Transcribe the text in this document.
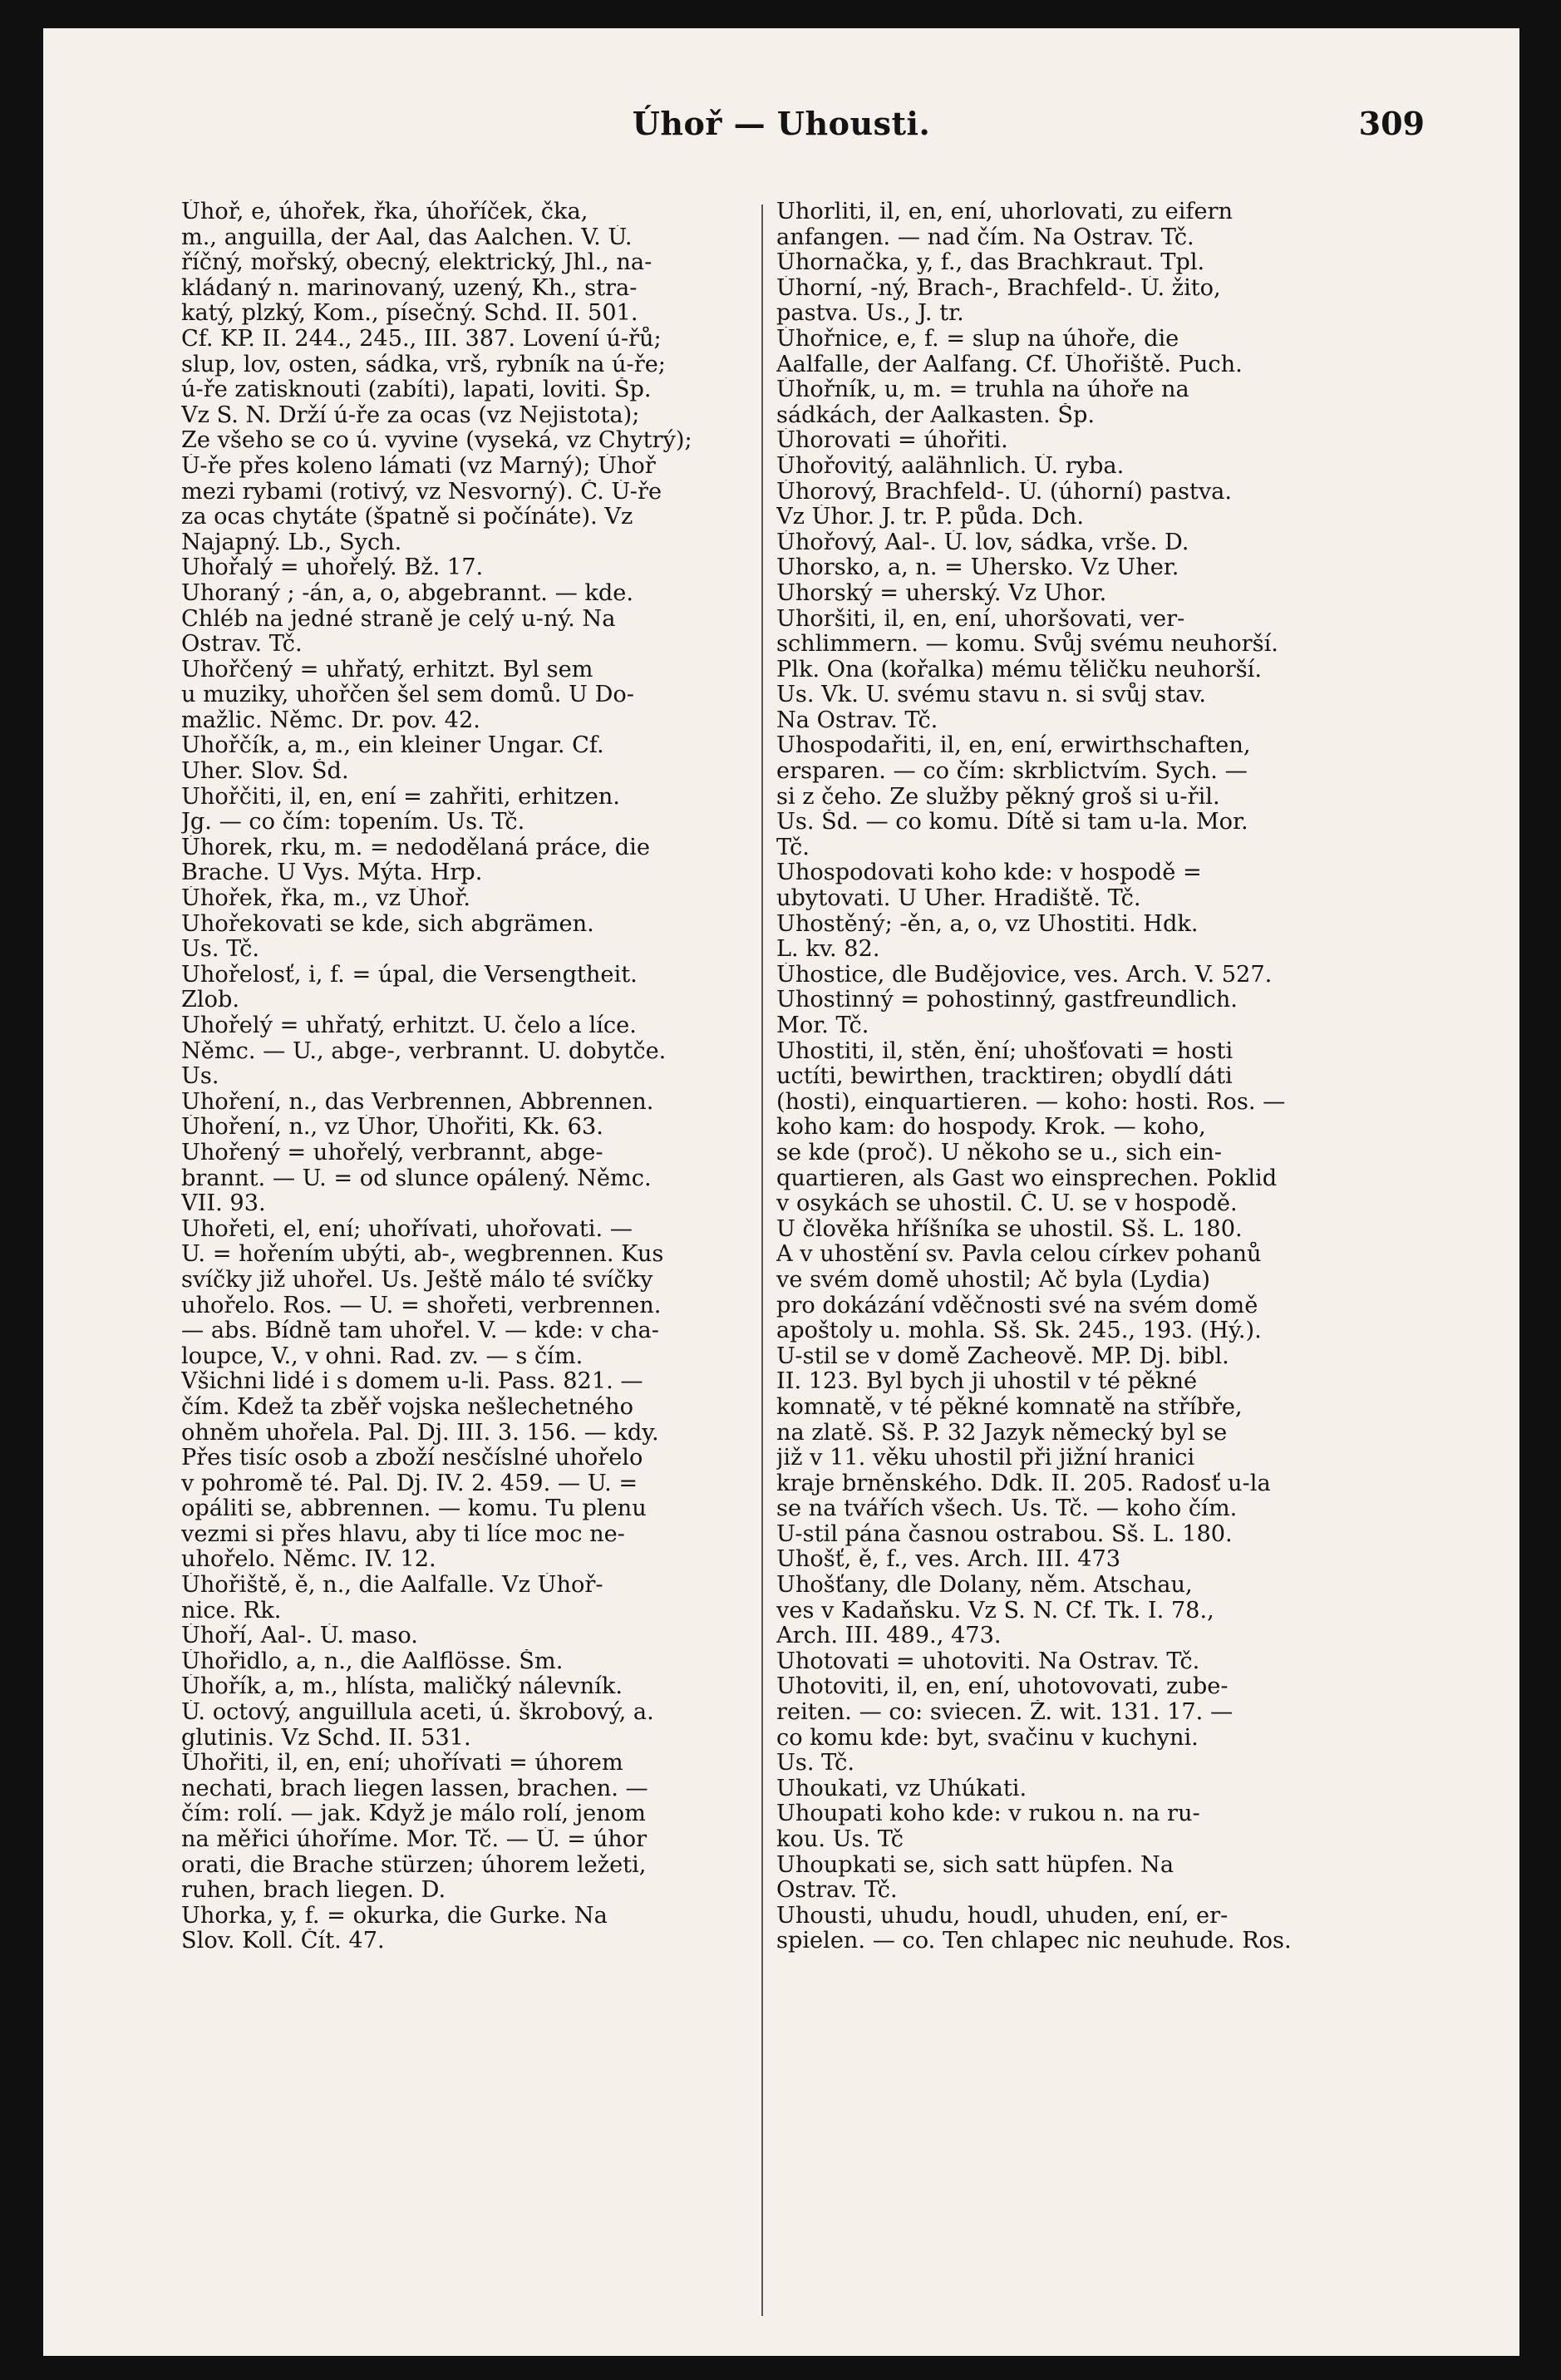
Úhoř — Uhousti.	309
Úhoř, e, úhořek, řka, úhoříček, čka,
m., anguilla, der Aal, das Aalchen. V. Ú.
říčný, mořský, obecný, elektrický, Jhl., na-
kládaný n. marinovaný, uzený, Kh., stra-
katý, plzký, Kom., písečný. Schd. II. 501.
Cf. KP. II. 244., 245., III. 387. Lovení ú-řů;
slup, lov, osten, sádka, vrš, rybník na ú-ře;
ú-ře zatisknouti (zabíti), lapati, loviti. Šp.
Vz S. N. Drží ú-ře za ocas (vz Nejistota);
Ze všeho se co ú. vyvine (vyseká, vz Chytrý);
Ú-ře přes koleno lámati (vz Marný); Úhoř
mezi rybami (rotivý, vz Nesvorný). Č. Ú-ře
za ocas chytáte (špatně si počínáte). Vz
Najapný. Lb., Sych.
Uhořalý = uhořelý. Bž. 17.
Uhoraný ; -án, a, o, abgebrannt. — kde.
Chléb na jedné straně je celý u-ný. Na
Ostrav. Tč.
Uhořčený = uhřatý, erhitzt. Byl sem
u muziky, uhořčen šel sem domů. U Do-
mažlic. Němc. Dr. pov. 42.
Uhořčík, a, m., ein kleiner Ungar. Cf.
Uher. Slov. Šd.
Uhořčiti, il, en, ení = zahřiti, erhitzen.
Jg. — co čím: topením. Us. Tč.
Úhorek, rku, m. = nedodělaná práce, die
Brache. U Vys. Mýta. Hrp.
Úhořek, řka, m., vz Úhoř.
Uhořekovati se kde, sich abgrämen.
Us. Tč.
Uhořelosť, i, f. = úpal, die Versengtheit.
Zlob.
Uhořelý = uhřatý, erhitzt. U. čelo a líce.
Němc. — U., abge-, verbrannt. U. dobytče.
Us.
Uhoření, n., das Verbrennen, Abbrennen.
Úhoření, n., vz Úhor, Úhořiti, Kk. 63.
Uhořený = uhořelý, verbrannt, abge-
brannt. — U. = od slunce opálený. Němc.
VII. 93.
Uhořeti, el, ení; uhořívati, uhořovati. —
U. = hořením ubýti, ab-, wegbrennen. Kus
svíčky již uhořel. Us. Ještě málo té svíčky
uhořelo. Ros. — U. = shořeti, verbrennen.
— abs. Bídně tam uhořel. V. — kde: v cha-
loupce, V., v ohni. Rad. zv. — s čím.
Všichni lidé i s domem u-li. Pass. 821. —
čím. Kdež ta zběř vojska nešlechetného
ohněm uhořela. Pal. Dj. III. 3. 156. — kdy.
Přes tisíc osob a zboží nesčíslné uhořelo
v pohromě té. Pal. Dj. IV. 2. 459. — U. =
opáliti se, abbrennen. — komu. Tu plenu
vezmi si přes hlavu, aby ti líce moc ne-
uhořelo. Němc. IV. 12.
Úhořiště, ě, n., die Aalfalle. Vz Úhoř-
nice. Rk.
Úhoří, Aal-. Ú. maso.
Úhořidlo, a, n., die Aalflösse. Šm.
Úhořík, a, m., hlísta, maličký nálevník.
Ú. octový, anguillula aceti, ú. škrobový, a.
glutinis. Vz Schd. II. 531.
Úhořiti, il, en, ení; uhořívati = úhorem
nechati, brach liegen lassen, brachen. —
čím: rolí. — jak. Když je málo rolí, jenom
na měřici úhoříme. Mor. Tč. — Ú. = úhor
orati, die Brache stürzen; úhorem ležeti,
ruhen, brach liegen. D.
Uhorka, y, f. = okurka, die Gurke. Na
Slov. Koll. Čít. 47.
Uhorliti, il, en, ení, uhorlovati, zu eifern
anfangen. — nad čím. Na Ostrav. Tč.
Úhornačka, y, f., das Brachkraut. Tpl.
Úhorní, -ný, Brach-, Brachfeld-. Ú. žito,
pastva. Us., J. tr.
Úhořnice, e, f. = slup na úhoře, die
Aalfalle, der Aalfang. Cf. Úhořiště. Puch.
Úhořník, u, m. = truhla na úhoře na
sádkách, der Aalkasten. Šp.
Úhorovati = úhořiti.
Úhořovitý, aalähnlich. Ú. ryba.
Úhorový, Brachfeld-. Ú. (úhorní) pastva.
Vz Úhor. J. tr. P. půda. Dch.
Úhořový, Aal-. Ú. lov, sádka, vrše. D.
Uhorsko, a, n. = Uhersko. Vz Uher.
Uhorský = uherský. Vz Uhor.
Uhoršiti, il, en, ení, uhoršovati, ver-
schlimmern. — komu. Svůj svému neuhorší.
Plk. Ona (kořalka) mému těličku neuhorší.
Us. Vk. U. svému stavu n. si svůj stav.
Na Ostrav. Tč.
Uhospodařiti, il, en, ení, erwirthschaften,
ersparen. — co čím: skrblictvím. Sych. —
si z čeho. Ze služby pěkný groš si u-řil.
Us. Šd. — co komu. Dítě si tam u-la. Mor.
Tč.
Uhospodovati koho kde: v hospodě =
ubytovati. U Uher. Hradiště. Tč.
Uhostěný; -ěn, a, o, vz Uhostiti. Hdk.
L. kv. 82.
Úhostice, dle Budějovice, ves. Arch. V. 527.
Uhostinný = pohostinný, gastfreundlich.
Mor. Tč.
Uhostiti, il, stěn, ění; uhošťovati = hosti
uctíti, bewirthen, tracktiren; obydlí dáti
(hosti), einquartieren. — koho: hosti. Ros. —
koho kam: do hospody. Krok. — koho,
se kde (proč). U někoho se u., sich ein-
quartieren, als Gast wo einsprechen. Poklid
v osykách se uhostil. Č. U. se v hospodě.
U člověka hříšníka se uhostil. Sš. L. 180.
A v uhostění sv. Pavla celou církev pohanů
ve svém domě uhostil; Ač byla (Lydia)
pro dokázání vděčnosti své na svém domě
apoštoly u. mohla. Sš. Sk. 245., 193. (Hý.).
U-stil se v domě Zacheově. MP. Dj. bibl.
II. 123. Byl bych ji uhostil v té pěkné
komnatě, v té pěkné komnatě na stříbře,
na zlatě. Sš. P. 32 Jazyk německý byl se
již v 11. věku uhostil při jižní hranici
kraje brněnského. Ddk. II. 205. Radosť u-la
se na tvářích všech. Us. Tč. — koho čím.
U-stil pána časnou ostrabou. Sš. L. 180.
Uhošť, ě, f., ves. Arch. III. 473
Uhošťany, dle Dolany, něm. Atschau,
ves v Kadaňsku. Vz S. N. Cf. Tk. I. 78.,
Arch. III. 489., 473.
Uhotovati = uhotoviti. Na Ostrav. Tč.
Uhotoviti, il, en, ení, uhotovovati, zube-
reiten. — co: sviecen. Ž. wit. 131. 17. —
co komu kde: byt, svačinu v kuchyni.
Us. Tč.
Uhoukati, vz Uhúkati.
Uhoupati koho kde: v rukou n. na ru-
kou. Us. Tč
Uhoupkati se, sich satt hüpfen. Na
Ostrav. Tč.
Uhousti, uhudu, houdl, uhuden, ení, er-
spielen. — co. Ten chlapec nic neuhude. Ros.
